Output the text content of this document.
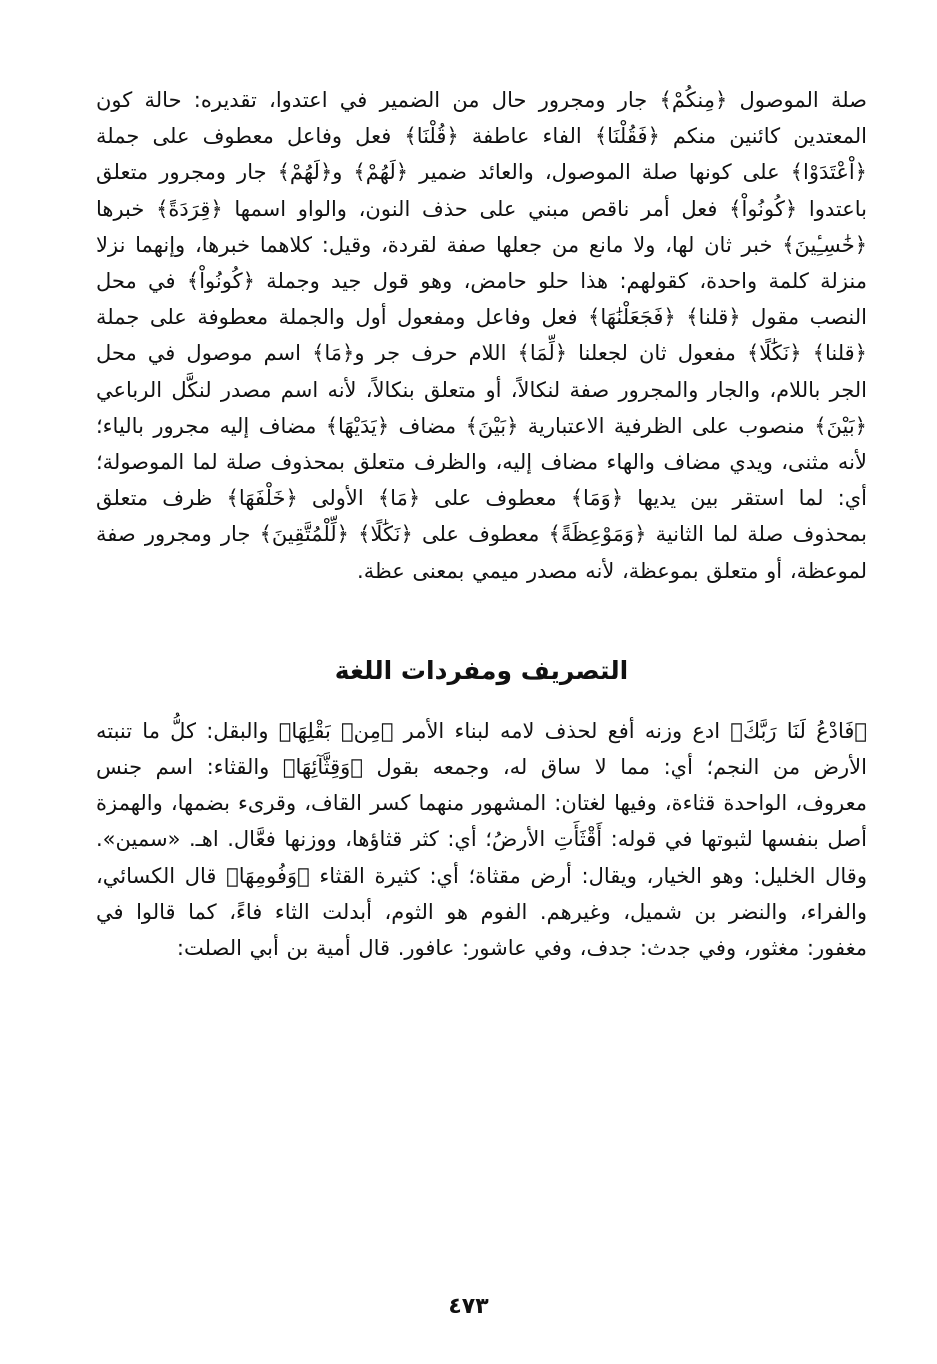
صلة الموصول ﴿مِنكُمْ﴾ جار ومجرور حال من الضمير في اعتدوا، تقديره: حالة كون المعتدين كائنين منكم ﴿فَقُلْنَا﴾ الفاء عاطفة ﴿قُلْنَا﴾ فعل وفاعل معطوف على جملة ﴿اْعْتَدَوْا﴾ على كونها صلة الموصول، والعائد ضمير ﴿لَهُمْ﴾ و﴿لَهُمْ﴾ جار ومجرور متعلق باعتدوا ﴿كُونُواْ﴾ فعل أمر ناقص مبني على حذف النون، والواو اسمها ﴿قِرَدَةً﴾ خبرها ﴿خَٰسِـِٔينَ﴾ خبر ثان لها، ولا مانع من جعلها صفة لقردة، وقيل: كلاهما خبرها، وإنهما نزلا منزلة كلمة واحدة، كقولهم: هذا حلو حامض، وهو قول جيد وجملة ﴿كُونُواْ﴾ في محل النصب مقول ﴿قلنا﴾ ﴿فَجَعَلْنَٰهَا﴾ فعل وفاعل ومفعول أول والجملة معطوفة على جملة ﴿قلنا﴾ ﴿نَكَٰلًا﴾ مفعول ثان لجعلنا ﴿لِّمَا﴾ اللام حرف جر و﴿مَا﴾ اسم موصول في محل الجر باللام، والجار والمجرور صفة لنكالاً، أو متعلق بنكالاً، لأنه اسم مصدر لنكَّل الرباعي ﴿بَيْنَ﴾ منصوب على الظرفية الاعتبارية ﴿بَيْنَ﴾ مضاف ﴿يَدَيْهَا﴾ مضاف إليه مجرور بالياء؛ لأنه مثنى، ويدي مضاف والهاء مضاف إليه، والظرف متعلق بمحذوف صلة لما الموصولة؛ أي: لما استقر بين يديها ﴿وَمَا﴾ معطوف على ﴿مَا﴾ الأولى ﴿خَلْفَهَا﴾ ظرف متعلق بمحذوف صلة لما الثانية ﴿وَمَوْعِظَةً﴾ معطوف على ﴿نَكَٰلًا﴾ ﴿لِّلْمُتَّقِينَ﴾ جار ومجرور صفة لموعظة، أو متعلق بموعظة، لأنه مصدر ميمي بمعنى عظة.

التصريف ومفردات اللغة

﴿فَادْعُ لَنَا رَبَّكَ﴾ ادع وزنه أفع لحذف لامه لبناء الأمر ﴿مِنۢ بَقْلِهَا﴾ والبقل: كلُّ ما تنبته الأرض من النجم؛ أي: مما لا ساق له، وجمعه بقول ﴿وَقِثَّآئِهَا﴾ والقثاء: اسم جنس معروف، الواحدة قثاءة، وفيها لغتان: المشهور منهما كسر القاف، وقرىء بضمها، والهمزة أصل بنفسها لثبوتها في قوله: أَقْثَأَتِ الأرضُ؛ أي: كثر قثاؤها، ووزنها فعَّال. اهـ. «سمين». وقال الخليل: وهو الخيار، ويقال: أرض مقثاة؛ أي: كثيرة القثاء ﴿وَفُومِهَا﴾ قال الكسائي، والفراء، والنضر بن شميل، وغيرهم. الفوم هو الثوم، أبدلت الثاء فاءً، كما قالوا في مغفور: مغثور، وفي جدث: جدف، وفي عاشور: عافور. قال أمية بن أبي الصلت:

٤٧٣
